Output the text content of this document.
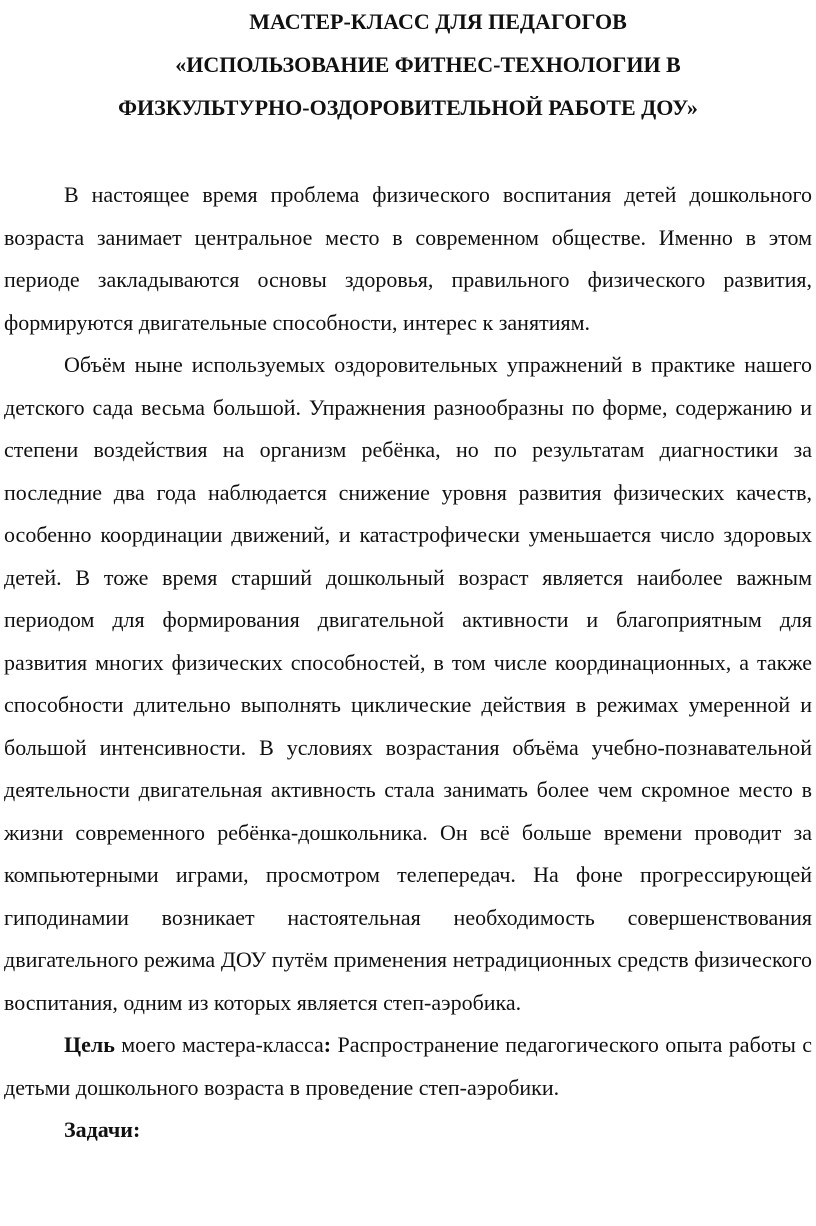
МАСТЕР-КЛАСС ДЛЯ ПЕДАГОГОВ
«ИСПОЛЬЗОВАНИЕ ФИТНЕС-ТЕХНОЛОГИИ В
ФИЗКУЛЬТУРНО-ОЗДОРОВИТЕЛЬНОЙ РАБОТЕ ДОУ»

В настоящее время проблема физического воспитания детей дошкольного возраста занимает центральное место в современном обществе. Именно в этом периоде закладываются основы здоровья, правильного физического развития, формируются двигательные способности, интерес к занятиям.

Объём ныне используемых оздоровительных упражнений в практике нашего детского сада весьма большой. Упражнения разнообразны по форме, содержанию и степени воздействия на организм ребёнка, но по результатам диагностики за последние два года наблюдается снижение уровня развития физических качеств, особенно координации движений, и катастрофически уменьшается число здоровых детей. В тоже время старший дошкольный возраст является наиболее важным периодом для формирования двигательной активности и благоприятным для развития многих физических способностей, в том числе координационных, а также способности длительно выполнять циклические действия в режимах умеренной и большой интенсивности. В условиях возрастания объёма учебно-познавательной деятельности двигательная активность стала занимать более чем скромное место в жизни современного ребёнка-дошкольника. Он всё больше времени проводит за компьютерными играми, просмотром телепередач. На фоне прогрессирующей гиподинамии возникает настоятельная необходимость совершенствования двигательного режима ДОУ путём применения нетрадиционных средств физического воспитания, одним из которых является степ-аэробика.

Цель моего мастера-класса: Распространение педагогического опыта работы с детьми дошкольного возраста в проведение степ-аэробики.

Задачи:
